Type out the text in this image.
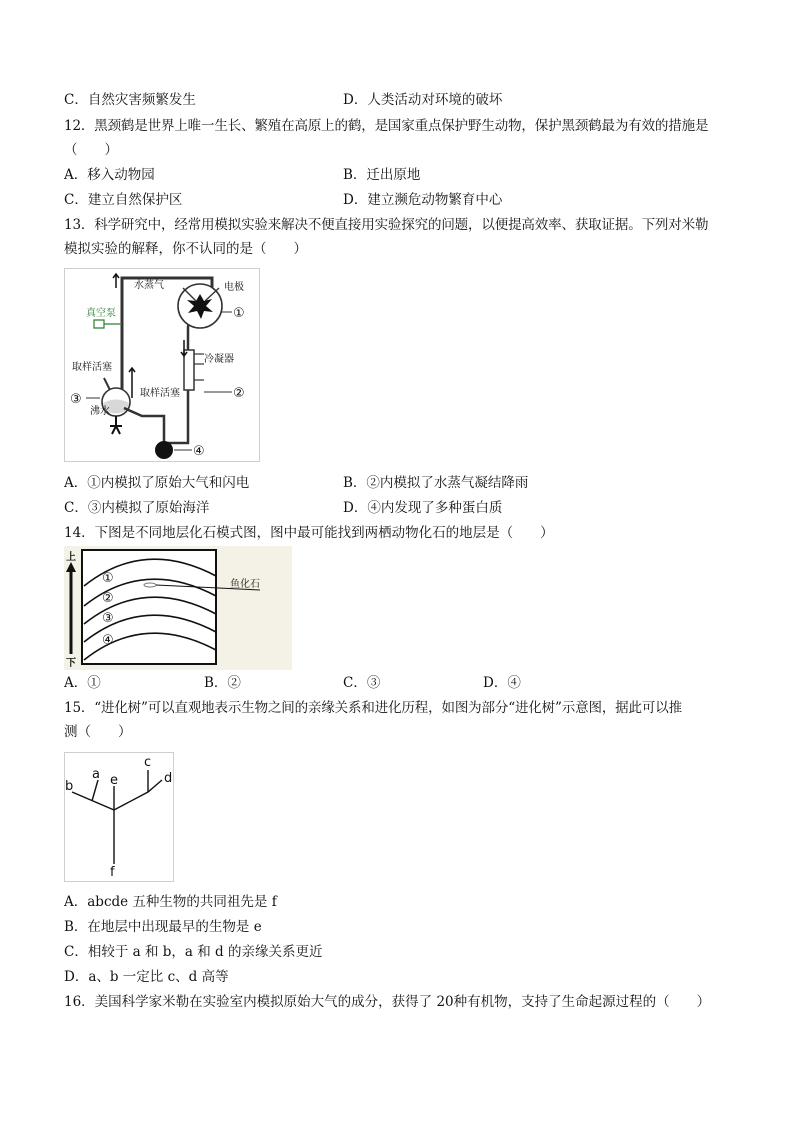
C．自然灾害频繁发生	D．人类活动对环境的破坏
12．黑颈鹤是世界上唯一生长、繁殖在高原上的鹤，是国家重点保护野生动物，保护黑颈鹤最为有效的措施是
（　　）
A．移入动物园	B．迁出原地
C．建立自然保护区	D．建立濒危动物繁育中心
13．科学研究中，经常用模拟实验来解决不便直接用实验探究的问题，以便提高效率、获取证据。下列对米勒
模拟实验的解释，你不认同的是（　　）
真空泵
水蒸气	电极
冷凝器
取样活塞
取样活塞
沸水
①
②
③
④
A．①内模拟了原始大气和闪电	B．②内模拟了水蒸气凝结降雨
C．③内模拟了原始海洋	D．④内发现了多种蛋白质
14．下图是不同地层化石模式图，图中最可能找到两栖动物化石的地层是（　　）
上
下
鱼化石
①
②
③
④
A．①	B．②	C．③	D．④
15．“进化树”可以直观地表示生物之间的亲缘关系和进化历程，如图为部分“进化树”示意图，据此可以推
测（　　）
b
a e
c
d
f
A．abcde 五种生物的共同祖先是 f
B．在地层中出现最早的生物是 e
C．相较于 a 和 b，a 和 d 的亲缘关系更近
D．a、b 一定比 c、d 高等
16．美国科学家米勒在实验室内模拟原始大气的成分，获得了 20种有机物，支持了生命起源过程的（　　）
